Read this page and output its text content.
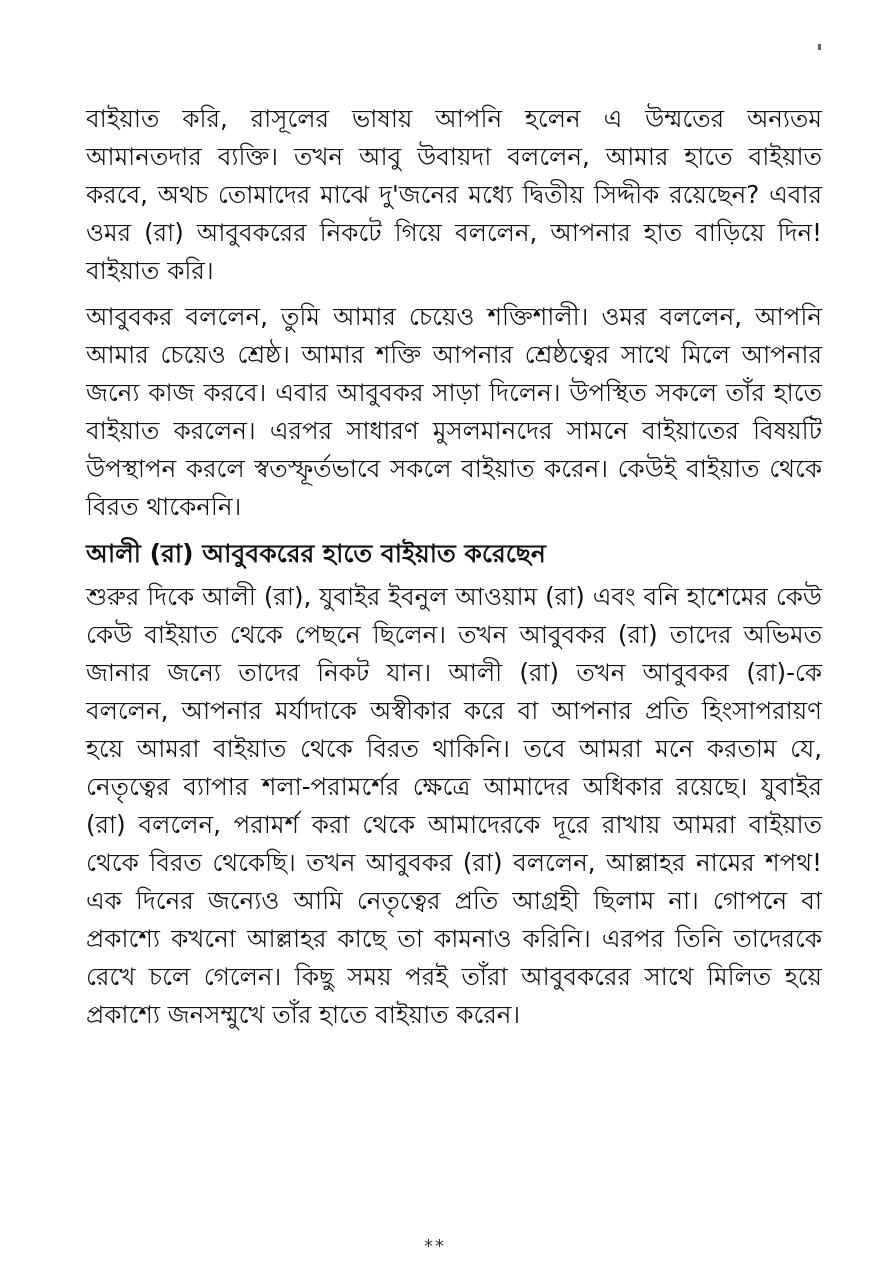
বাইয়াত করি, রাসূলের ভাষায় আপনি হলেন এ উম্মতের অন্যতম আমানতদার ব্যক্তি। তখন আবু উবায়দা বললেন, আমার হাতে বাইয়াত করবে, অথচ তোমাদের মাঝে দু'জনের মধ্যে দ্বিতীয় সিদ্দীক রয়েছেন? এবার ওমর (রা) আবুবকরের নিকটে গিয়ে বললেন, আপনার হাত বাড়িয়ে দিন! বাইয়াত করি।

আবুবকর বললেন, তুমি আমার চেয়েও শক্তিশালী। ওমর বললেন, আপনি আমার চেয়েও শ্রেষ্ঠ। আমার শক্তি আপনার শ্রেষ্ঠত্বের সাথে মিলে আপনার জন্যে কাজ করবে। এবার আবুবকর সাড়া দিলেন। উপস্থিত সকলে তাঁর হাতে বাইয়াত করলেন। এরপর সাধারণ মুসলমানদের সামনে বাইয়াতের বিষয়টি উপস্থাপন করলে স্বতস্ফূর্তভাবে সকলে বাইয়াত করেন। কেউই বাইয়াত থেকে বিরত থাকেননি।

আলী (রা) আবুবকরের হাতে বাইয়াত করেছেন

শুরুর দিকে আলী (রা), যুবাইর ইবনুল আওয়াম (রা) এবং বনি হাশেমের কেউ কেউ বাইয়াত থেকে পেছনে ছিলেন। তখন আবুবকর (রা) তাদের অভিমত জানার জন্যে তাদের নিকট যান। আলী (রা) তখন আবুবকর (রা)-কে বললেন, আপনার মর্যাদাকে অস্বীকার করে বা আপনার প্রতি হিংসাপরায়ণ হয়ে আমরা বাইয়াত থেকে বিরত থাকিনি। তবে আমরা মনে করতাম যে, নেতৃত্বের ব্যাপার শলা-পরামর্শের ক্ষেত্রে আমাদের অধিকার রয়েছে। যুবাইর (রা) বললেন, পরামর্শ করা থেকে আমাদেরকে দূরে রাখায় আমরা বাইয়াত থেকে বিরত থেকেছি। তখন আবুবকর (রা) বললেন, আল্লাহর নামের শপথ! এক দিনের জন্যেও আমি নেতৃত্বের প্রতি আগ্রহী ছিলাম না। গোপনে বা প্রকাশ্যে কখনো আল্লাহর কাছে তা কামনাও করিনি। এরপর তিনি তাদেরকে রেখে চলে গেলেন। কিছু সময় পরই তাঁরা আবুবকরের সাথে মিলিত হয়ে প্রকাশ্যে জনসম্মুখে তাঁর হাতে বাইয়াত করেন।

**
